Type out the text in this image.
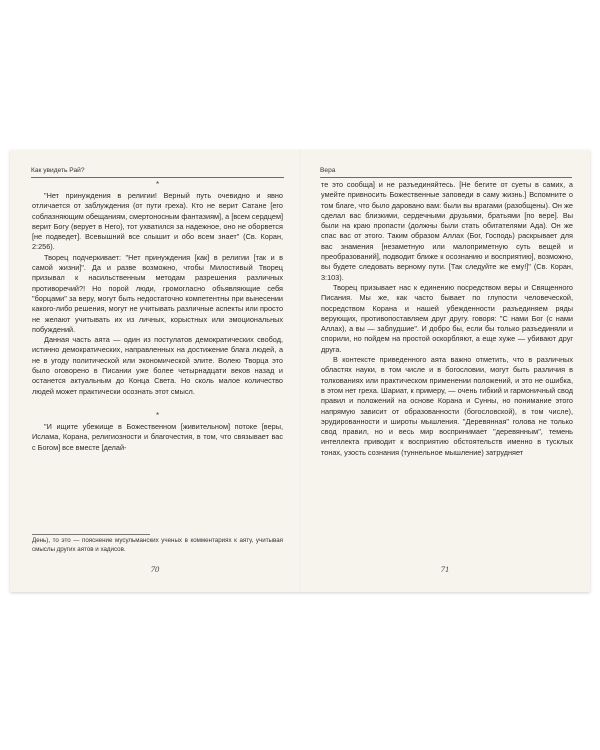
Как увидеть Рай?
*

"Нет принуждения в религии! Верный путь очевидно и явно отличается от заблуждения (от пути греха). Кто не верит Сатане [его соблазняющим обещаниям, смертоносным фантазиям], а [всем сердцем] верит Богу (верует в Него), тот ухватился за надежное, оно не оборвется [не подведет]. Всевышний все слышит и обо всем знает" (Св. Коран, 2:256).

Творец подчеркивает: "Нет принуждения [как] в религии [так и в самой жизни]". Да и разве возможно, чтобы Милостивый Творец призывал к насильственным методам разрешения различных противоречий?! Но порой люди, громогласно объявляющие себя "борцами" за веру, могут быть недостаточно компетентны при вынесении какого-либо решения, могут не учитывать различные аспекты или просто не желают учитывать их из личных, корыстных или эмоциональных побуждений.

Данная часть аята — один из постулатов демократических свобод, истинно демократических, направленных на достижение блага людей, а не в угоду политической или экономической элите. Волею Творца это было оговорено в Писании уже более четырнадцати веков назад и останется актуальным до Конца Света. Но сколь малое количество людей может практически осознать этот смысл.

*

"И ищите убежище в Божественном [живительном] потоке [веры, Ислама, Корана, религиозности и благочестия, в том, что связывает вас с Богом] все вместе [делай-

День), то это — пояснение мусульманских ученых в комментариях к аяту, учитывая смыслы других аятов и хадисов.
70
Вера

те это сообща] и не разъединяйтесь. [Не бегите от суеты в самих, а умейте привносить Божественные заповеди в саму жизнь.] Вспомните о том благе, что было даровано вам: были вы врагами (разобщены). Он же сделал вас близкими, сердечными друзьями, братьями [по вере]. Вы были на краю пропасти (должны были стать обитателями Ада). Он же спас вас от этого. Таким образом Аллах (Бог, Господь) раскрывает для вас знамения [незаметную или малоприметную суть вещей и преобразований], подводит ближе к осознанию и восприятию], возможно, вы будете следовать верному пути. [Так следуйте же ему!]" (Св. Коран, 3:103).

Творец призывает нас к единению посредством веры и Священного Писания. Мы же, как часто бывает по глупости человеческой, посредством Корана и нашей убежденности разъединяем ряды верующих, противопоставляем друг другу. говоря: "С нами Бог (с нами Аллах), а вы — заблудшие". И добро бы, если бы только разъединяли и спорили, но пойдем на простой оскорбляют, а еще хуже — убивают друг друга.

В контексте приведенного аята важно отметить, что в различных областях науки, в том числе и в богословии, могут быть различия в толкованиях или практическом применении положений, и это не ошибка, в этом нет греха. Шариат, к примеру, — очень гибкий и гармоничный свод правил и положений на основе Корана и Сунны, но понимание этого напрямую зависит от образованности (богословской), в том числе), эрудированности и широты мышления. "Деревянная" голова не только свод правил, но и весь мир воспринимает "деревянным", темень интеллекта приводит к восприятию обстоятельств именно в тусклых тонах, узость сознания (туннельное мышление) затрудняет

71
